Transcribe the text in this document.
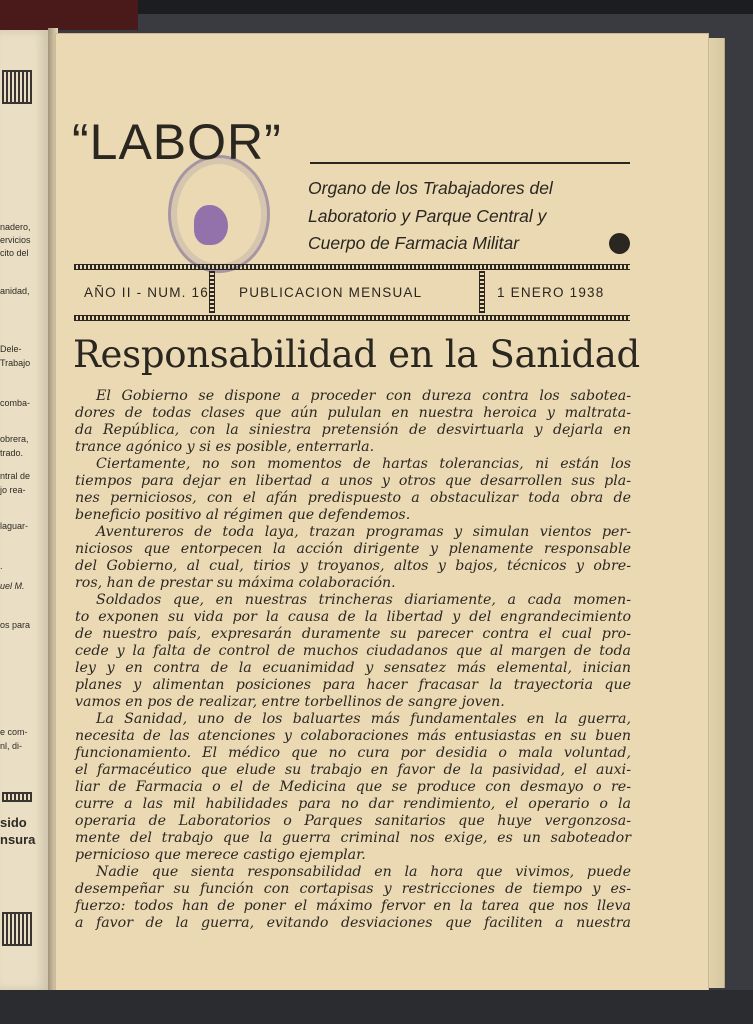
nadero,
ervicios
cito del
anidad,
Dele-
Trabajo
comba-
obrera,
trado.
ntral de
jo rea-
laguar-
.
uel M.
os para
e com-
nl, di-
sido
nsura
“LABOR”
Organo de los Trabajadores del
Laboratorio y Parque Central y
Cuerpo de Farmacia Militar
AÑO II - NUM. 16 PUBLICACION MENSUAL	1 ENERO 1938
Responsabilidad en la Sanidad
El Gobierno se dispone a proceder con dureza contra los sabotea-
dores de todas clases que aún pululan en nuestra heroica y maltrata-
da República, con la siniestra pretensión de desvirtuarla y dejarla en
trance agónico y si es posible, enterrarla.
Ciertamente, no son momentos de hartas tolerancias, ni están los
tiempos para dejar en libertad a unos y otros que desarrollen sus pla-
nes perniciosos, con el afán predispuesto a obstaculizar toda obra de
beneficio positivo al régimen que defendemos.
Aventureros de toda laya, trazan programas y simulan vientos per-
niciosos que entorpecen la acción dirigente y plenamente responsable
del Gobierno, al cual, tirios y troyanos, altos y bajos, técnicos y obre-
ros, han de prestar su máxima colaboración.
Soldados que, en nuestras trincheras diariamente, a cada momen-
to exponen su vida por la causa de la libertad y del engrandecimiento
de nuestro país, expresarán duramente su parecer contra el cual pro-
cede y la falta de control de muchos ciudadanos que al margen de toda
ley y en contra de la ecuanimidad y sensatez más elemental, inician
planes y alimentan posiciones para hacer fracasar la trayectoria que
vamos en pos de realizar, entre torbellinos de sangre joven.
La Sanidad, uno de los baluartes más fundamentales en la guerra,
necesita de las atenciones y colaboraciones más entusiastas en su buen
funcionamiento. El médico que no cura por desidia o mala voluntad,
el farmacéutico que elude su trabajo en favor de la pasividad, el auxi-
liar de Farmacia o el de Medicina que se produce con desmayo o re-
curre a las mil habilidades para no dar rendimiento, el operario o la
operaria de Laboratorios o Parques sanitarios que huye vergonzosa-
mente del trabajo que la guerra criminal nos exige, es un saboteador
pernicioso que merece castigo ejemplar.
Nadie que sienta responsabilidad en la hora que vivimos, puede
desempeñar su función con cortapisas y restricciones de tiempo y es-
fuerzo: todos han de poner el máximo fervor en la tarea que nos lleva
a favor de la guerra, evitando desviaciones que faciliten a nuestra
